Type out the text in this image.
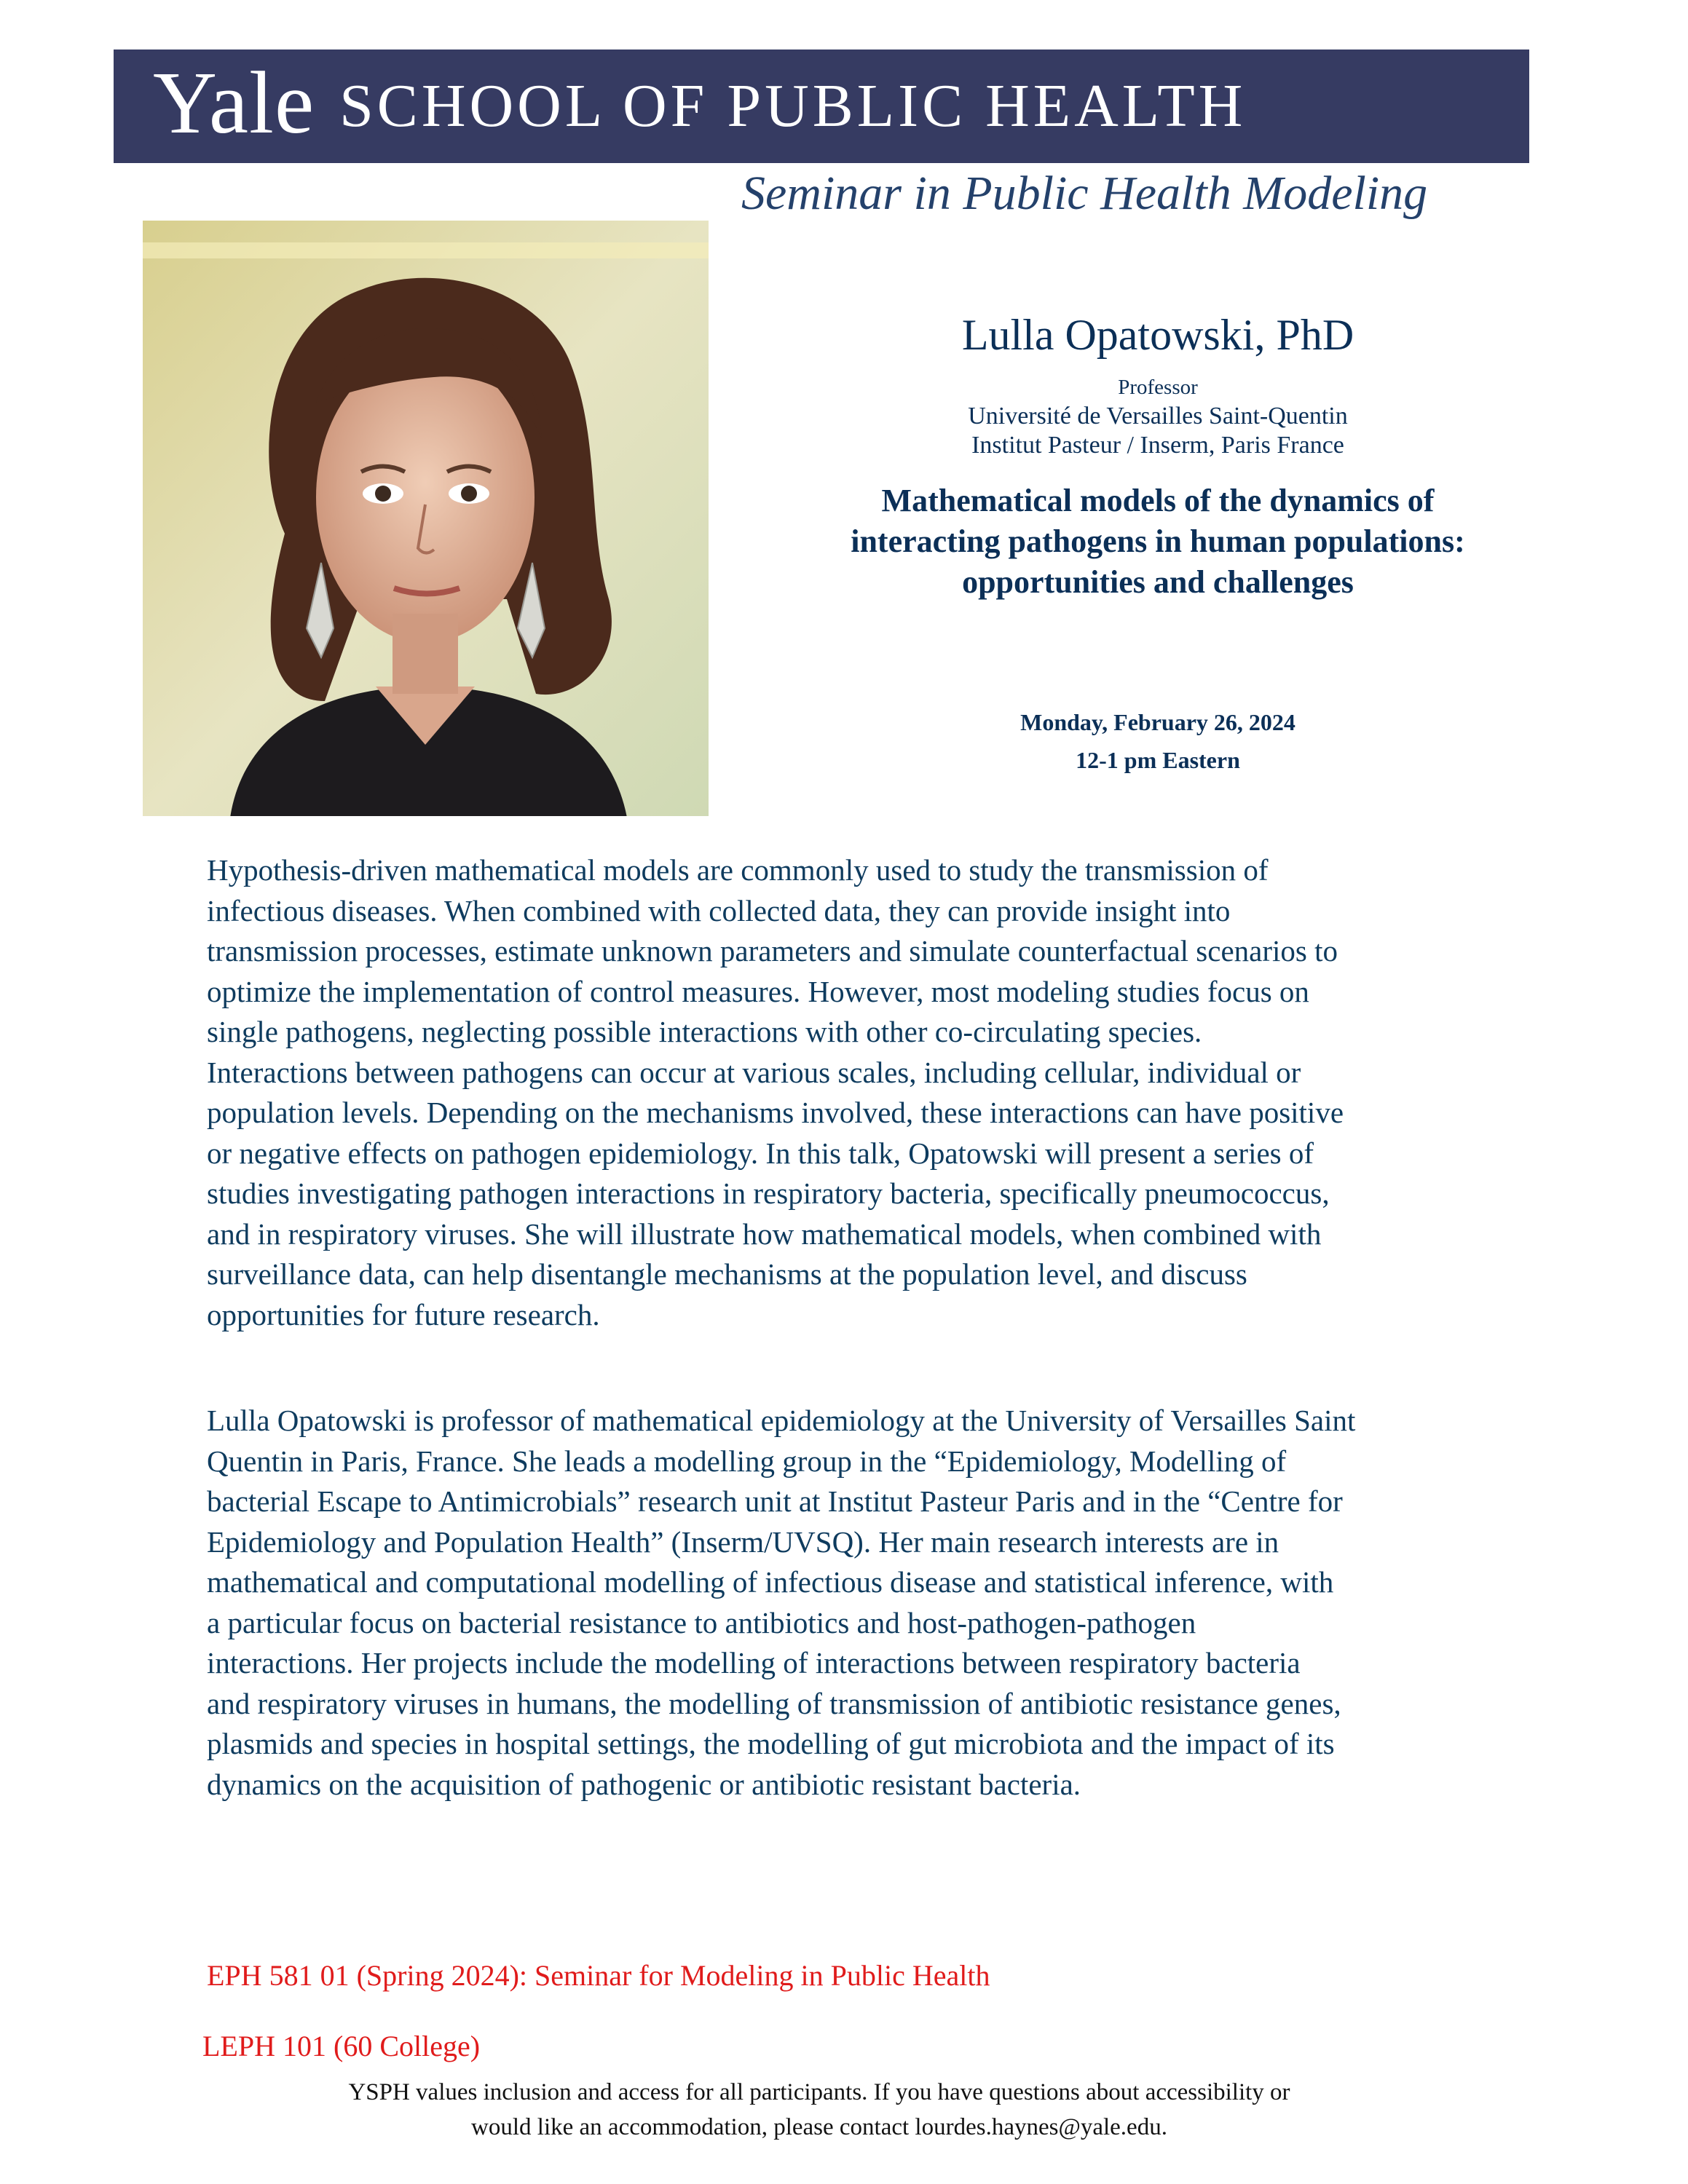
Yale SCHOOL OF PUBLIC HEALTH
Seminar in Public Health Modeling
Lulla Opatowski, PhD
Professor
Université de Versailles Saint-Quentin
Institut Pasteur / Inserm, Paris France
Mathematical models of the dynamics of
interacting pathogens in human populations:
opportunities and challenges
Monday, February 26, 2024
12-1 pm Eastern
Hypothesis-driven mathematical models are commonly used to study the transmission of
infectious diseases. When combined with collected data, they can provide insight into
transmission processes, estimate unknown parameters and simulate counterfactual scenarios to
optimize the implementation of control measures. However, most modeling studies focus on
single pathogens, neglecting possible interactions with other co-circulating species.
Interactions between pathogens can occur at various scales, including cellular, individual or
population levels. Depending on the mechanisms involved, these interactions can have positive
or negative effects on pathogen epidemiology. In this talk, Opatowski will present a series of
studies investigating pathogen interactions in respiratory bacteria, specifically pneumococcus,
and in respiratory viruses. She will illustrate how mathematical models, when combined with
surveillance data, can help disentangle mechanisms at the population level, and discuss
opportunities for future research.
Lulla Opatowski is professor of mathematical epidemiology at the University of Versailles Saint
Quentin in Paris, France. She leads a modelling group in the “Epidemiology, Modelling of
bacterial Escape to Antimicrobials” research unit at Institut Pasteur Paris and in the “Centre for
Epidemiology and Population Health” (Inserm/UVSQ). Her main research interests are in
mathematical and computational modelling of infectious disease and statistical inference, with
a particular focus on bacterial resistance to antibiotics and host-pathogen-pathogen
interactions. Her projects include the modelling of interactions between respiratory bacteria
and respiratory viruses in humans, the modelling of transmission of antibiotic resistance genes,
plasmids and species in hospital settings, the modelling of gut microbiota and the impact of its
dynamics on the acquisition of pathogenic or antibiotic resistant bacteria.
EPH 581 01 (Spring 2024): Seminar for Modeling in Public Health
LEPH 101 (60 College)
YSPH values inclusion and access for all participants. If you have questions about accessibility or
would like an accommodation, please contact lourdes.haynes@yale.edu.
